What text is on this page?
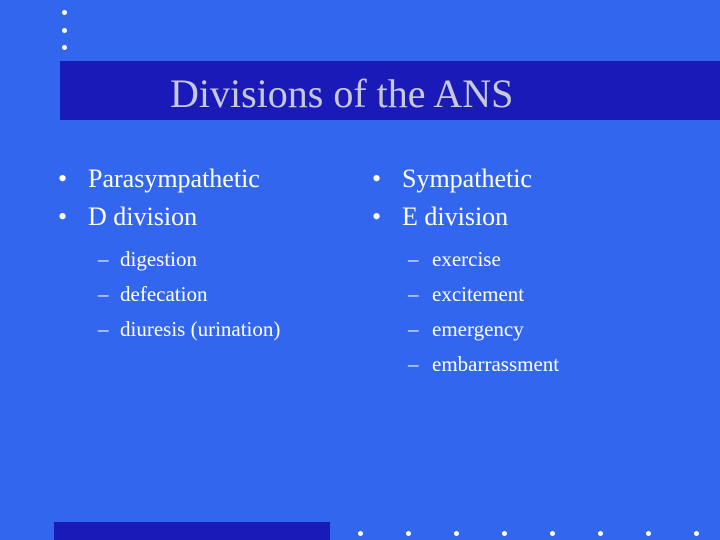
Divisions of the ANS
• Parasympathetic
• D division
– digestion
– defecation
– diuresis (urination)
• Sympathetic
• E division
– exercise
– excitement
– emergency
– embarrassment
